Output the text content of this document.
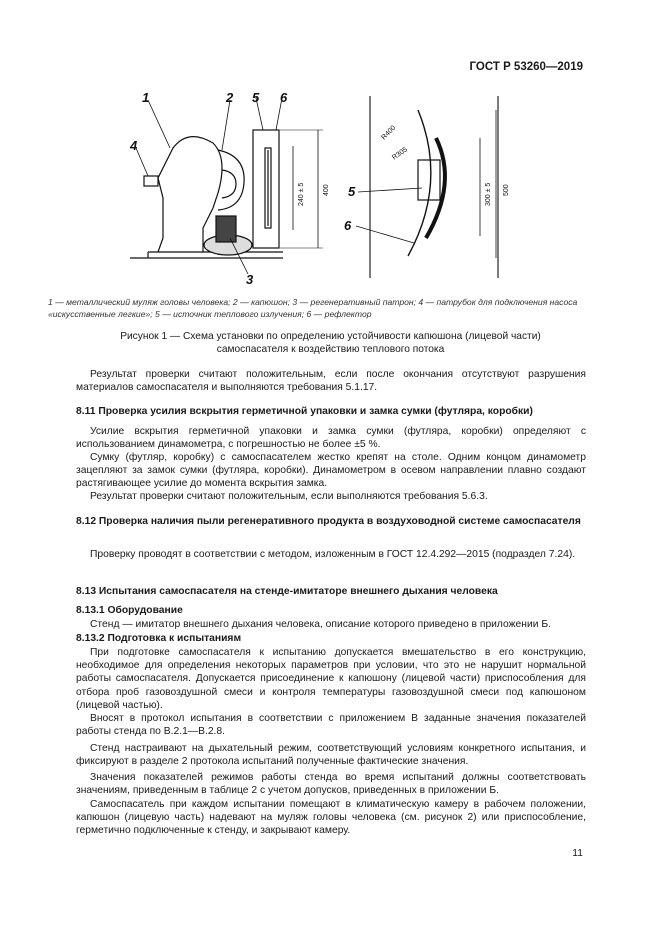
ГОСТ Р 53260—2019
1	2 5 6
4
3
5
6
240 ± 5	400	300 ± 5 500
R400
R305
1 — металлический муляж головы человека; 2 — капюшон; 3 — регенеративный патрон; 4 — патрубок для подключения насоса «искусственные легкие»; 5 — источник теплового излучения; 6 — рефлектор
Рисунок 1 — Схема установки по определению устойчивости капюшона (лицевой части)
самоспасателя к воздействию теплового потока

Результат проверки считают положительным, если после окончания отсутствуют разрушения материалов самоспасателя и выполняются требования 5.1.17.

8.11 Проверка усилия вскрытия герметичной упаковки и замка сумки (футляра, коробки)

Усилие вскрытия герметичной упаковки и замка сумки (футляра, коробки) определяют с использованием динамометра, с погрешностью не более ±5 %.

Сумку (футляр, коробку) с самоспасателем жестко крепят на столе. Одним концом динамометр зацепляют за замок сумки (футляра, коробки). Динамометром в осевом направлении плавно создают растягивающее усилие до момента вскрытия замка.

Результат проверки считают положительным, если выполняются требования 5.6.3.

8.12 Проверка наличия пыли регенеративного продукта в воздуховодной системе самоспасателя

Проверку проводят в соответствии с методом, изложенным в ГОСТ 12.4.292—2015 (подраздел 7.24).

8.13 Испытания самоспасателя на стенде-имитаторе внешнего дыхания человека

8.13.1 Оборудование

Стенд — имитатор внешнего дыхания человека, описание которого приведено в приложении Б.

8.13.2 Подготовка к испытаниям

При подготовке самоспасателя к испытанию допускается вмешательство в его конструкцию, необходимое для определения некоторых параметров при условии, что это не нарушит нормальной работы самоспасателя. Допускается присоединение к капюшону (лицевой части) приспособления для отбора проб газовоздушной смеси и контроля температуры газовоздушной смеси под капюшоном (лицевой частью).

Вносят в протокол испытания в соответствии с приложением В заданные значения показателей работы стенда по В.2.1—В.2.8.

Стенд настраивают на дыхательный режим, соответствующий условиям конкретного испытания, и фиксируют в разделе 2 протокола испытаний полученные фактические значения.

Значения показателей режимов работы стенда во время испытаний должны соответствовать значениям, приведенным в таблице 2 с учетом допусков, приведенных в приложении Б.

Самоспасатель при каждом испытании помещают в климатическую камеру в рабочем положении, капюшон (лицевую часть) надевают на муляж головы человека (см. рисунок 2) или приспособление, герметично подключенные к стенду, и закрывают камеру.

11
